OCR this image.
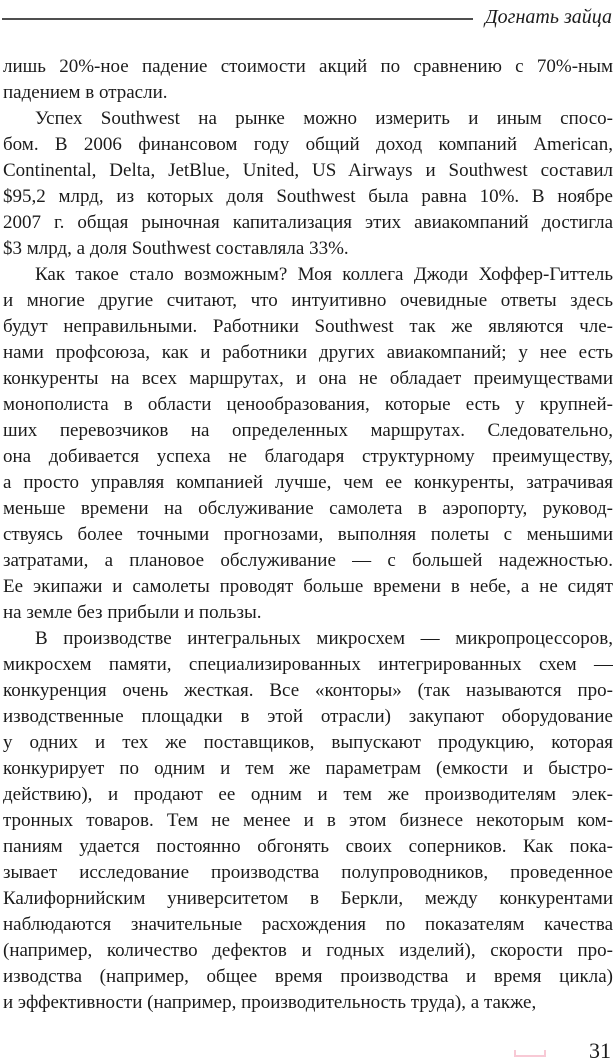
Догнать зайца
лишь 20%-ное падение стоимости акций по сравнению с 70%-ным
падением в отрасли.
Успех Southwest на рынке можно измерить и иным спосо-
бом. В 2006 финансовом году общий доход компаний American,
Continental, Delta, JetBlue, United, US Airways и Southwest составил
$95,2 млрд, из которых доля Southwest была равна 10%. В ноябре
2007 г. общая рыночная капитализация этих авиакомпаний достигла
$3 млрд, а доля Southwest составляла 33%.
Как такое стало возможным? Моя коллега Джоди Хоффер-Гиттель
и многие другие считают, что интуитивно очевидные ответы здесь
будут неправильными. Работники Southwest так же являются чле-
нами профсоюза, как и работники других авиакомпаний; у нее есть
конкуренты на всех маршрутах, и она не обладает преимуществами
монополиста в области ценообразования, которые есть у крупней-
ших перевозчиков на определенных маршрутах. Следовательно,
она добивается успеха не благодаря структурному преимуществу,
а просто управляя компанией лучше, чем ее конкуренты, затрачивая
меньше времени на обслуживание самолета в аэропорту, руковод-
ствуясь более точными прогнозами, выполняя полеты с меньшими
затратами, а плановое обслуживание — с большей надежностью.
Ее экипажи и самолеты проводят больше времени в небе, а не сидят
на земле без прибыли и пользы.
В производстве интегральных микросхем — микропроцессоров,
микросхем памяти, специализированных интегрированных схем —
конкуренция очень жесткая. Все «конторы» (так называются про-
изводственные площадки в этой отрасли) закупают оборудование
у одних и тех же поставщиков, выпускают продукцию, которая
конкурирует по одним и тем же параметрам (емкости и быстро-
действию), и продают ее одним и тем же производителям элек-
тронных товаров. Тем не менее и в этом бизнесе некоторым ком-
паниям удается постоянно обгонять своих соперников. Как пока-
зывает исследование производства полупроводников, проведенное
Калифорнийским университетом в Беркли, между конкурентами
наблюдаются значительные расхождения по показателям качества
(например, количество дефектов и годных изделий), скорости про-
изводства (например, общее время производства и время цикла)
и эффективности (например, производительность труда), а также,
31
